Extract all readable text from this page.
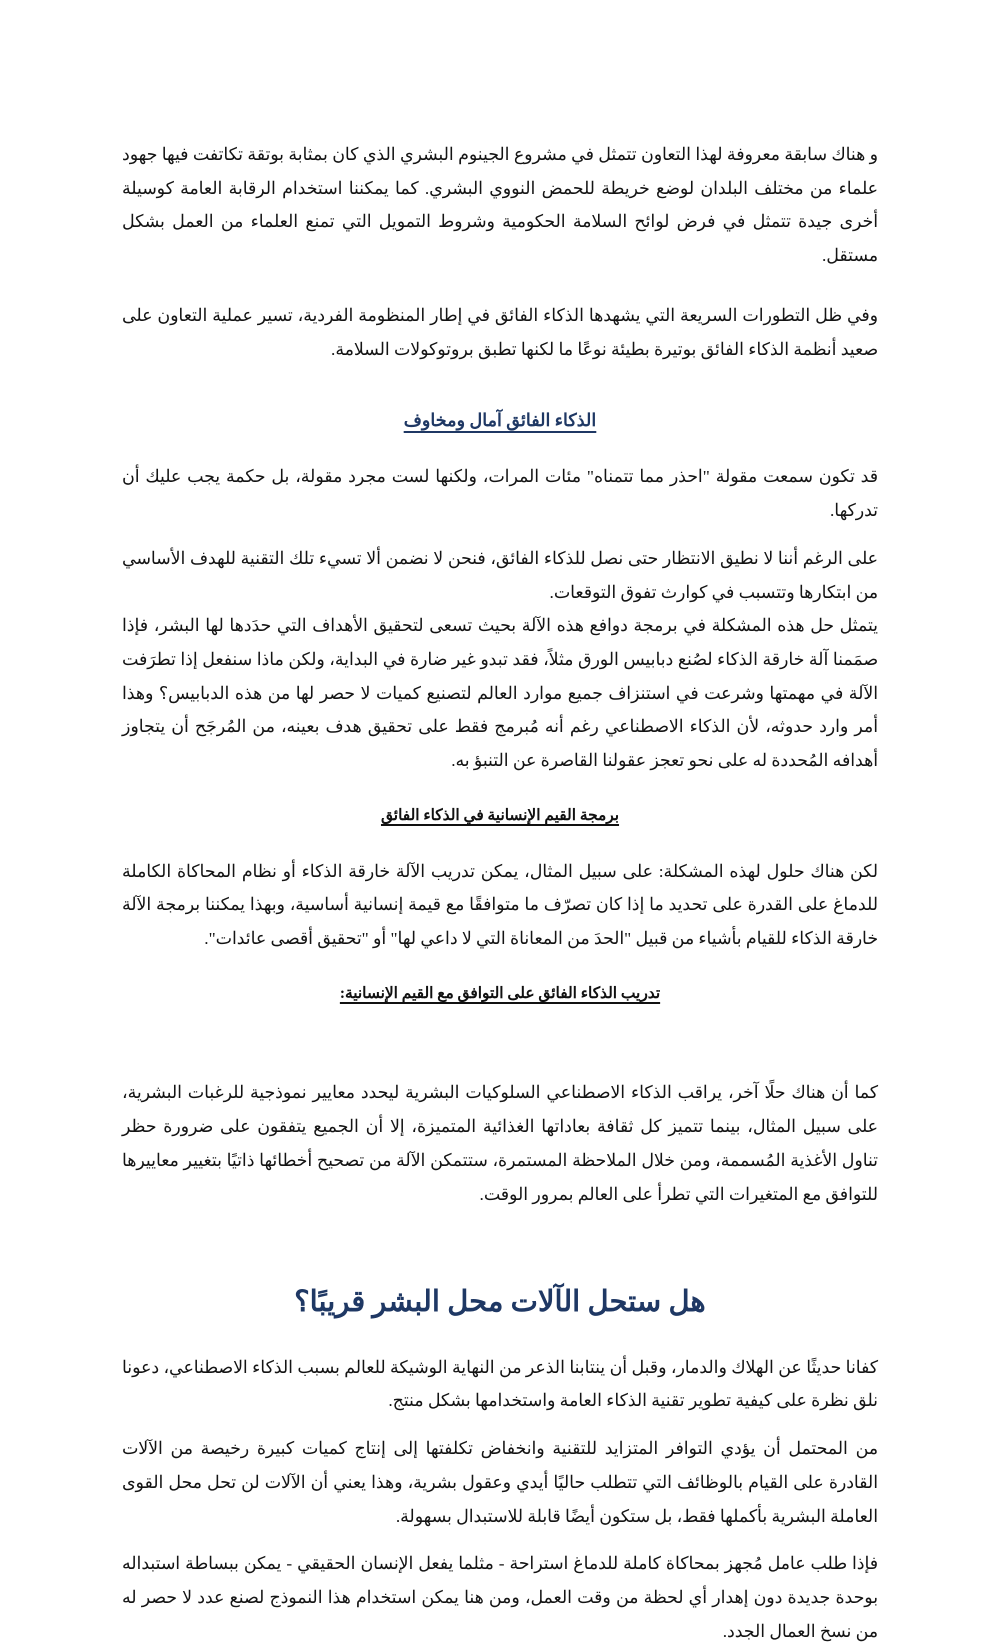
و هناك سابقة معروفة لهذا التعاون تتمثل في مشروع الجينوم البشري الذي كان بمثابة بوتقة تكاتفت فيها جهود علماء من مختلف البلدان لوضع خريطة للحمض النووي البشري. كما يمكننا استخدام الرقابة العامة كوسيلة أخرى جيدة تتمثل في فرض لوائح السلامة الحكومية وشروط التمويل التي تمنع العلماء من العمل بشكل مستقل.

وفي ظل التطورات السريعة التي يشهدها الذكاء الفائق في إطار المنظومة الفردية، تسير عملية التعاون على صعيد أنظمة الذكاء الفائق بوتيرة بطيئة نوعًا ما لكنها تطبق بروتوكولات السلامة.

الذكاء الفائق آمال ومخاوف

قد تكون سمعت مقولة "احذر مما تتمناه" مئات المرات، ولكنها لست مجرد مقولة، بل حكمة يجب عليك أن تدركها.

على الرغم أننا لا نطيق الانتظار حتى نصل للذكاء الفائق، فنحن لا نضمن ألا تسيء تلك التقنية للهدف الأساسي من ابتكارها وتتسبب في كوارث تفوق التوقعات.

يتمثل حل هذه المشكلة في برمجة دوافع هذه الآلة بحيث تسعى لتحقيق الأهداف التي حدَدها لها البشر، فإذا صمَمنا آلة خارقة الذكاء لصُنع دبابيس الورق مثلاً، فقد تبدو غير ضارة في البداية، ولكن ماذا سنفعل إذا تطرَفت الآلة في مهمتها وشرعت في استنزاف جميع موارد العالم لتصنيع كميات لا حصر لها من هذه الدبابيس؟ وهذا أمر وارد حدوثه، لأن الذكاء الاصطناعي رغم أنه مُبرمج فقط على تحقيق هدف بعينه، من المُرجَح أن يتجاوز أهدافه المُحددة له على نحو تعجز عقولنا القاصرة عن التنبؤ به.

برمجة القيم الإنسانية في الذكاء الفائق

لكن هناك حلول لهذه المشكلة: على سبيل المثال، يمكن تدريب الآلة خارقة الذكاء أو نظام المحاكاة الكاملة للدماغ على القدرة على تحديد ما إذا كان تصرّف ما متوافقًا مع قيمة إنسانية أساسية، وبهذا يمكننا برمجة الآلة خارقة الذكاء للقيام بأشياء من قبيل "الحدَ من المعاناة التي لا داعي لها" أو "تحقيق أقصى عائدات".

تدريب الذكاء الفائق على التوافق مع القيم الإنسانية:

كما أن هناك حلًا آخر، يراقب الذكاء الاصطناعي السلوكيات البشرية ليحدد معايير نموذجية للرغبات البشرية، على سبيل المثال، بينما تتميز كل ثقافة بعاداتها الغذائية المتميزة، إلا أن الجميع يتفقون على ضرورة حظر تناول الأغذية المُسممة، ومن خلال الملاحظة المستمرة، ستتمكن الآلة من تصحيح أخطائها ذاتيًا بتغيير معاييرها للتوافق مع المتغيرات التي تطرأ على العالم بمرور الوقت.

هل ستحل الآلات محل البشر قريبًا؟

كفانا حديثًا عن الهلاك والدمار، وقبل أن ينتابنا الذعر من النهاية الوشيكة للعالم بسبب الذكاء الاصطناعي، دعونا نلق نظرة على كيفية تطوير تقنية الذكاء العامة واستخدامها بشكل منتج.

من المحتمل أن يؤدي التوافر المتزايد للتقنية وانخفاض تكلفتها إلى إنتاج كميات كبيرة رخيصة من الآلات القادرة على القيام بالوظائف التي تتطلب حاليًا أيدي وعقول بشرية، وهذا يعني أن الآلات لن تحل محل القوى العاملة البشرية بأكملها فقط، بل ستكون أيضًا قابلة للاستبدال بسهولة.

فإذا طلب عامل مُجهز بمحاكاة كاملة للدماغ استراحة - مثلما يفعل الإنسان الحقيقي - يمكن ببساطة استبداله بوحدة جديدة دون إهدار أي لحظة من وقت العمل، ومن هنا يمكن استخدام هذا النموذج لصنع عدد لا حصر له من نسخ العمال الجدد.
